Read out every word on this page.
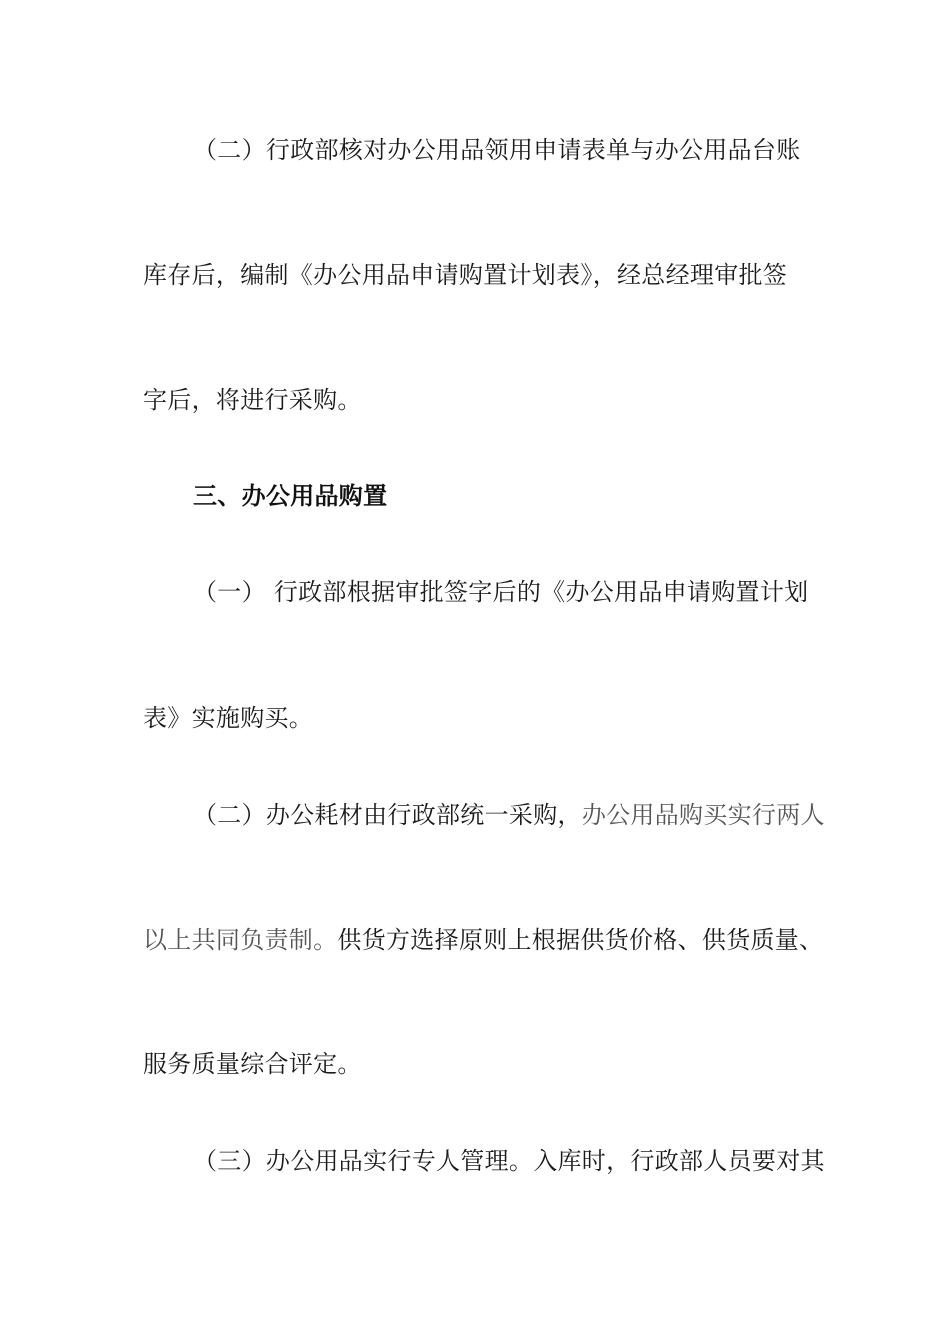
（二）行政部核对办公用品领用申请表单与办公用品台账
库存后，编制《办公用品申请购置计划表》，经总经理审批签
字后，将进行采购。
三、办公用品购置
（一） 行政部根据审批签字后的《办公用品申请购置计划
表》实施购买。
（二）办公耗材由行政部统一采购，办公用品购买实行两人
以上共同负责制。供货方选择原则上根据供货价格、供货质量、
服务质量综合评定。
（三）办公用品实行专人管理。入库时，行政部人员要对其
